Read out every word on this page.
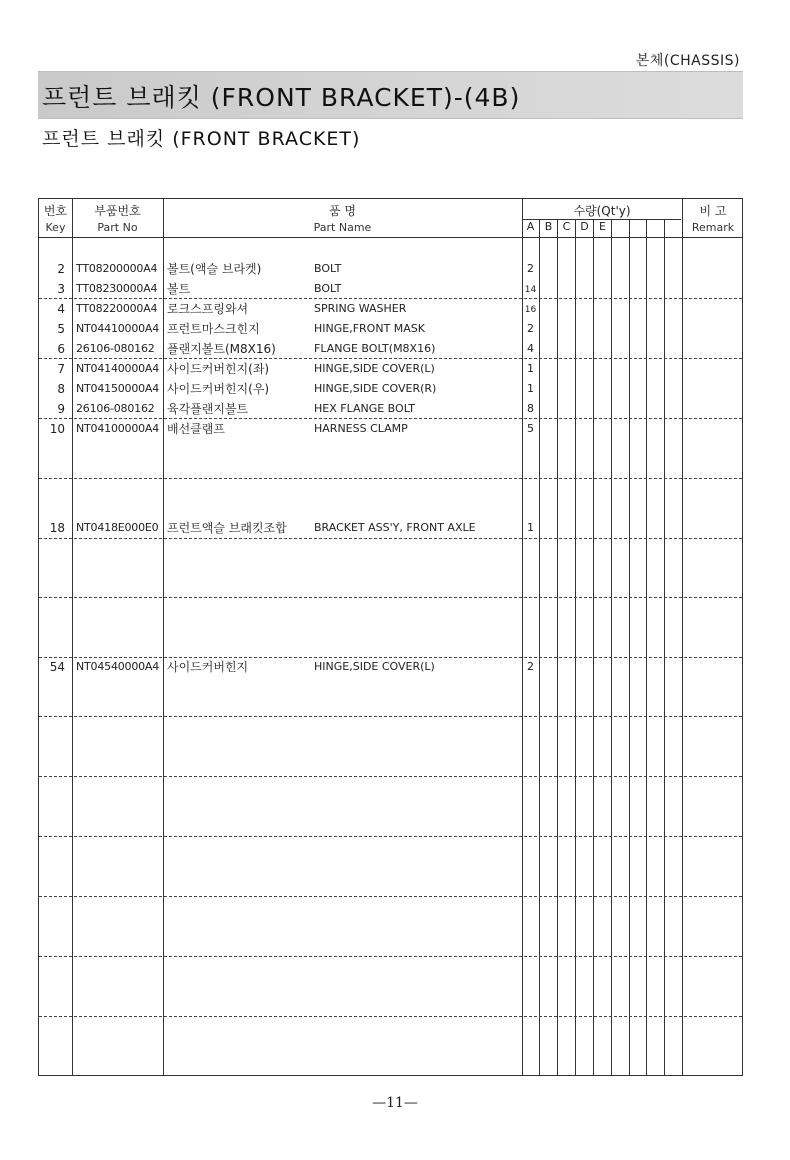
본체(CHASSIS)
프런트 브래킷 (FRONT BRACKET)-(4B)
프런트 브래킷 (FRONT BRACKET)
번호
Key
부품번호
Part No
품 명
Part Name
수량(Qt'y)
A B C D E
비 고
Remark
2 TT08200000A4 볼트(액슬 브라켓)	BOLT	2
3 TT08230000A4 볼트	BOLT	14
4 TT08220000A4 로크스프링와셔	SPRING WASHER	16
5 NT04410000A4 프런트마스크힌지	HINGE,FRONT MASK	2
6 26106-080162 플랜지볼트(M8X16)	FLANGE BOLT(M8X16)	4
7 NT04140000A4 사이드커버힌지(좌)	HINGE,SIDE COVER(L)	1
8 NT04150000A4 사이드커버힌지(우)	HINGE,SIDE COVER(R)	1
9 26106-080162 육각플랜지볼트	HEX FLANGE BOLT	8
10 NT04100000A4 배선클램프	HARNESS CLAMP	5
18 NT0418E000E0 프런트액슬 브래킷조합 BRACKET ASS'Y, FRONT AXLE	1
54 NT04540000A4 사이드커버힌지	HINGE,SIDE COVER(L)	2
—11—
